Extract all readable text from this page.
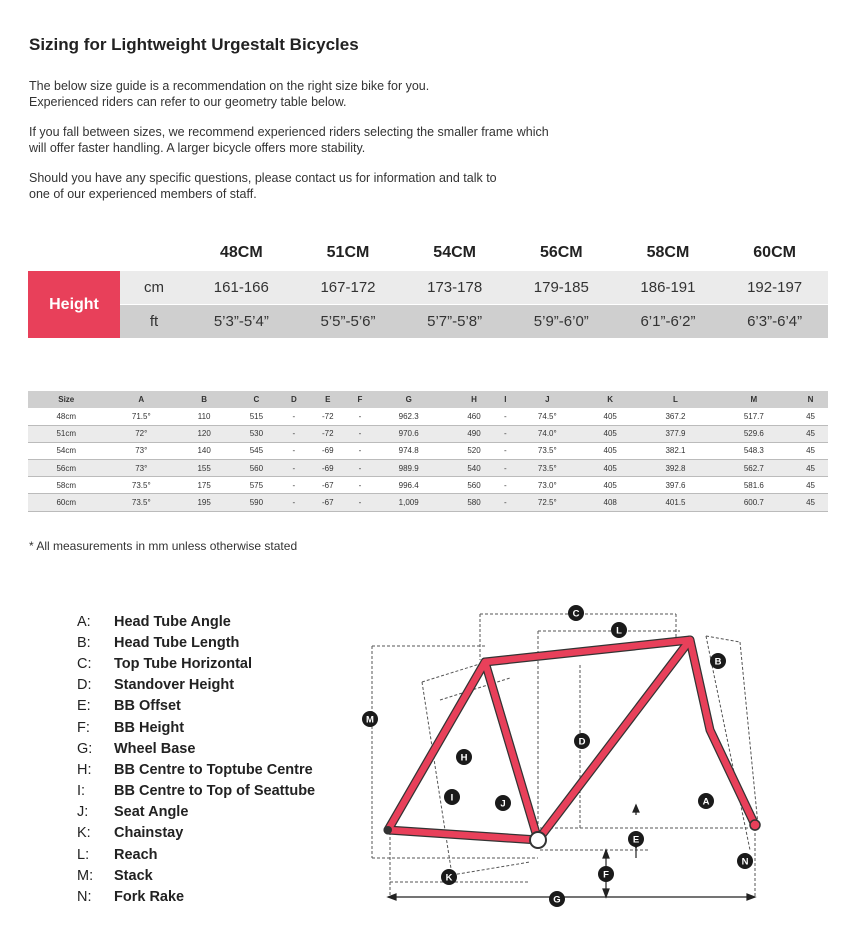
Sizing for Lightweight Urgestalt Bicycles

The below size guide is a recommendation on the right size bike for you.
Experienced riders can refer to our geometry table below.

If you fall between sizes, we recommend experienced riders selecting the smaller frame which
will offer faster handling. A larger bicycle offers more stability.

Should you have any specific questions, please contact us for information and talk to
one of our experienced members of staff.

48CM	51CM	54CM	56CM	58CM	60CM
Height
cm	161-166	167-172	173-178	179-185	186-191	192-197
ft	5’3”-5’4”	5’5”-5’6”	5’7”-5’8”	5’9”-6’0”	6’1”-6’2”	6’3”-6’4”
Size	A	B	C	D	E	F	G	H	I	J	K	L	M	N
48cm	71.5°	110	515	-	-72	-	962.3	460	-	74.5°	405	367.2	517.7	45
51cm	72°	120	530	-	-72	-	970.6	490	-	74.0°	405	377.9	529.6	45
54cm	73°	140	545	-	-69	-	974.8	520	-	73.5°	405	382.1	548.3	45
56cm	73°	155	560	-	-69	-	989.9	540	-	73.5°	405	392.8	562.7	45
58cm	73.5°	175	575	-	-67	-	996.4	560	-	73.0°	405	397.6	581.6	45
60cm	73.5°	195	590	-	-67	-	1,009	580	-	72.5°	408	401.5	600.7	45
* All measurements in mm unless otherwise stated
A:	Head Tube Angle
B:	Head Tube Length
C:	Top Tube Horizontal
D:	Standover Height
E:	BB Offset
F:	BB Height
G:	Wheel Base
H:	BB Centre to Toptube Centre
I:	BB Centre to Top of Seattube
J:	Seat Angle
K:	Chainstay
L:	Reach
M:	Stack
N:	Fork Rake
A
B
C
D
E
F
G
H
I
J
K
L
M
N
